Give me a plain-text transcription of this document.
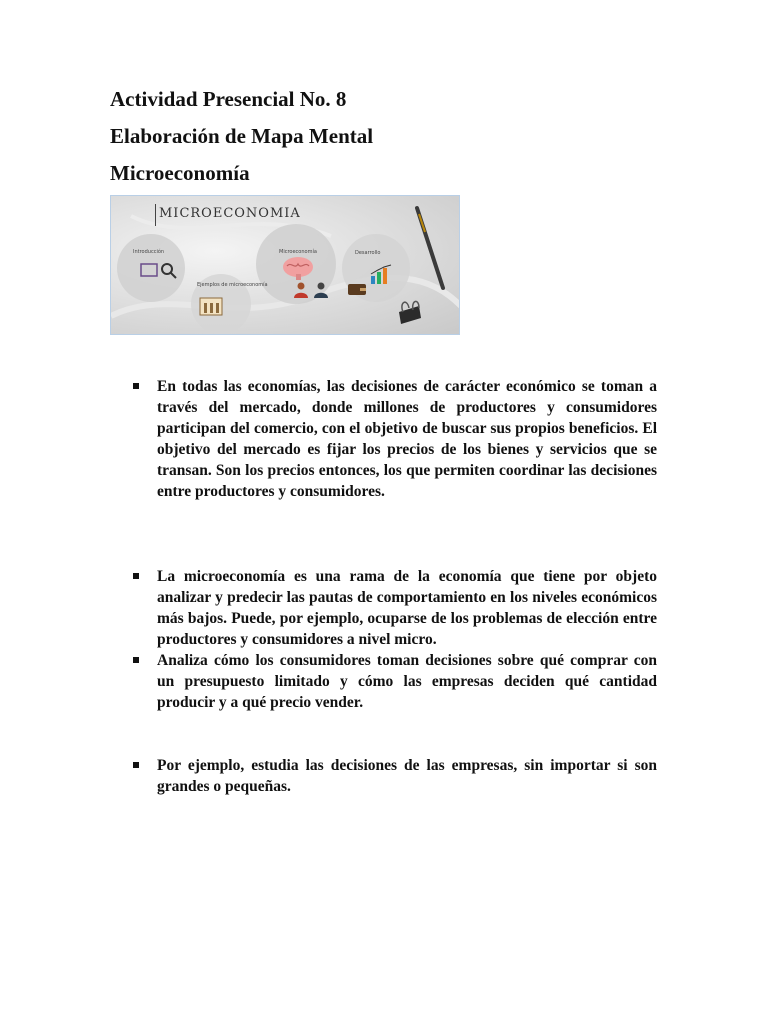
Actividad Presencial No. 8
Elaboración de Mapa Mental
Microeconomía
MICROECONOMIA
Introducción	Microeconomía	Desarrollo
Ejemplos de microeconomía
En todas las economías, las decisiones de carácter económico se toman a través del mercado, donde millones de productores y consumidores participan del comercio, con el objetivo de buscar sus propios beneficios. El objetivo del mercado es fijar los precios de los bienes y servicios que se transan. Son los precios entonces, los que permiten coordinar las decisiones entre productores y consumidores.
La microeconomía es una rama de la economía que tiene por objeto analizar y predecir las pautas de comportamiento en los niveles económicos más bajos. Puede, por ejemplo, ocuparse de los problemas de elección entre productores y consumidores a nivel micro.
Analiza cómo los consumidores toman decisiones sobre qué comprar con un presupuesto limitado y cómo las empresas deciden qué cantidad producir y a qué precio vender.
Por ejemplo, estudia las decisiones de las empresas, sin importar si son grandes o pequeñas.
